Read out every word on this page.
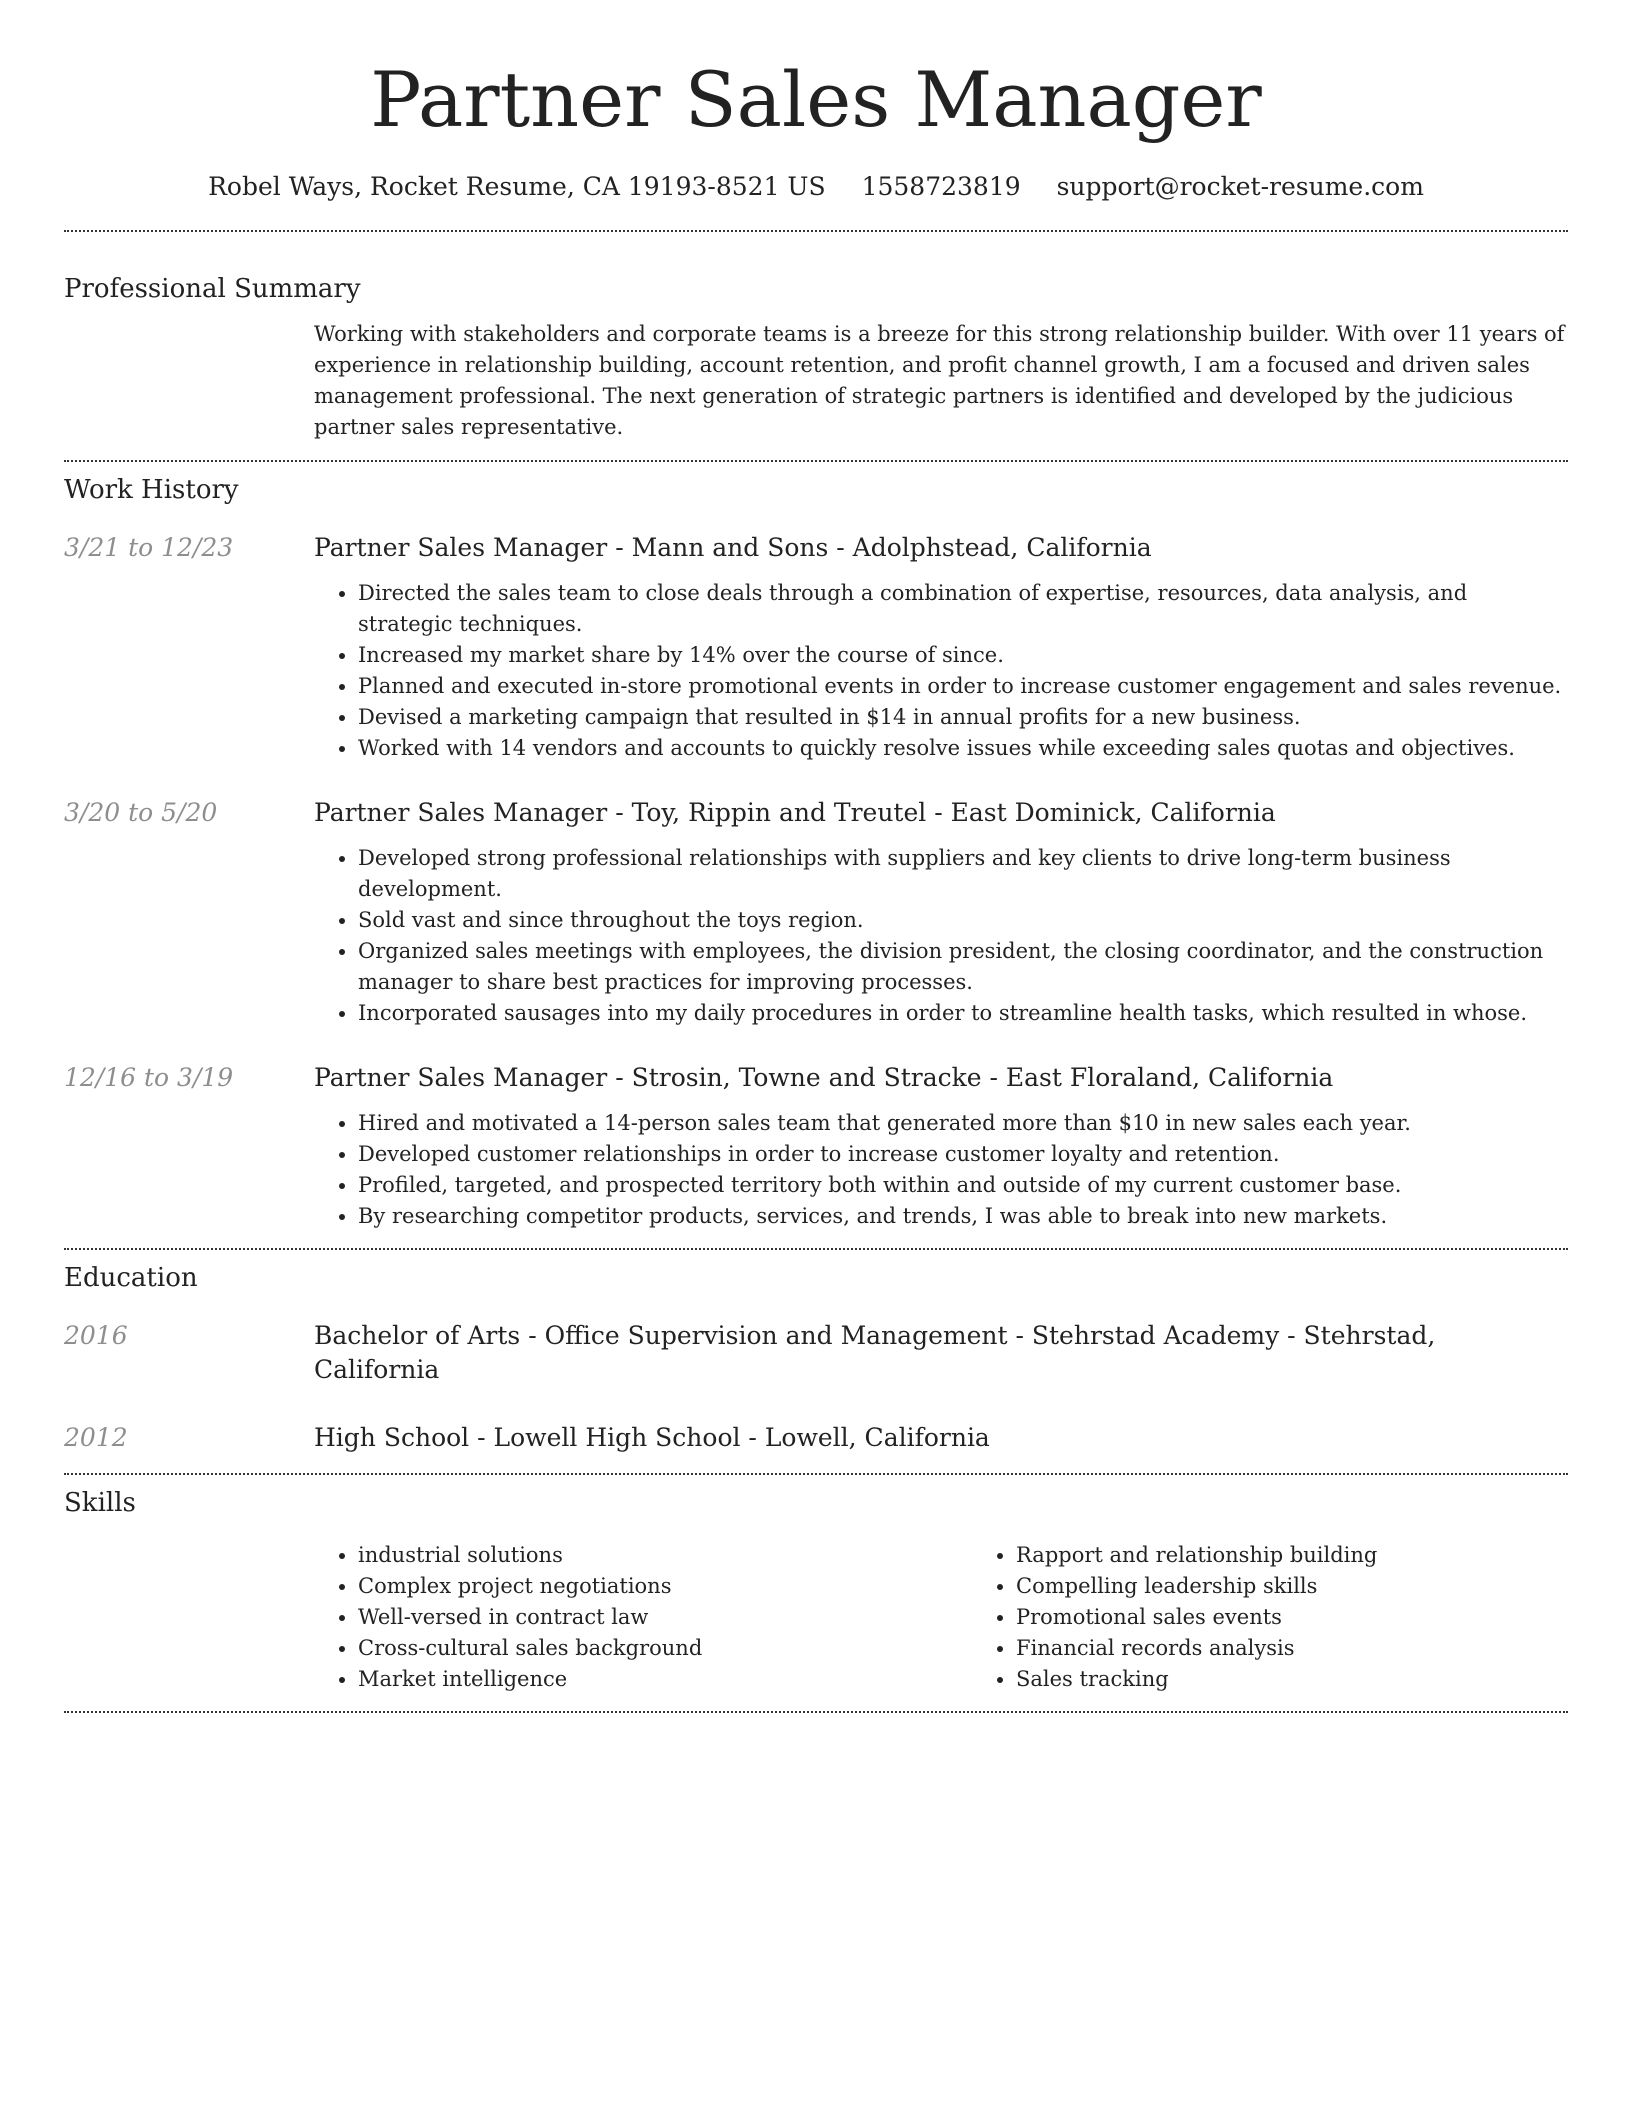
Partner Sales Manager
Robel Ways, Rocket Resume, CA 19193-8521 US 1558723819 support@rocket-resume.com
Professional Summary

Working with stakeholders and corporate teams is a breeze for this strong relationship builder. With over 11 years of experience in relationship building, account retention, and profit channel growth, I am a focused and driven sales management professional. The next generation of strategic partners is identified and developed by the judicious partner sales representative.

Work History
3/21 to 12/23	Partner Sales Manager - Mann and Sons - Adolphstead, California
• Directed the sales team to close deals through a combination of expertise, resources, data analysis, and strategic techniques.
• Increased my market share by 14% over the course of since.
• Planned and executed in-store promotional events in order to increase customer engagement and sales revenue.
• Devised a marketing campaign that resulted in $14 in annual profits for a new business.
• Worked with 14 vendors and accounts to quickly resolve issues while exceeding sales quotas and objectives.
3/20 to 5/20	Partner Sales Manager - Toy, Rippin and Treutel - East Dominick, California
• Developed strong professional relationships with suppliers and key clients to drive long-term business development.
• Sold vast and since throughout the toys region.
• Organized sales meetings with employees, the division president, the closing coordinator, and the construction manager to share best practices for improving processes.
• Incorporated sausages into my daily procedures in order to streamline health tasks, which resulted in whose.
12/16 to 3/19	Partner Sales Manager - Strosin, Towne and Stracke - East Floraland, California
• Hired and motivated a 14-person sales team that generated more than $10 in new sales each year.
• Developed customer relationships in order to increase customer loyalty and retention.
• Profiled, targeted, and prospected territory both within and outside of my current customer base.
• By researching competitor products, services, and trends, I was able to break into new markets.
Education
2016	Bachelor of Arts - Office Supervision and Management - Stehrstad Academy - Stehrstad, California
2012	High School - Lowell High School - Lowell, California
Skills
• industrial solutions
• Complex project negotiations
• Well-versed in contract law
• Cross-cultural sales background
• Market intelligence
• Rapport and relationship building
• Compelling leadership skills
• Promotional sales events
• Financial records analysis
• Sales tracking
